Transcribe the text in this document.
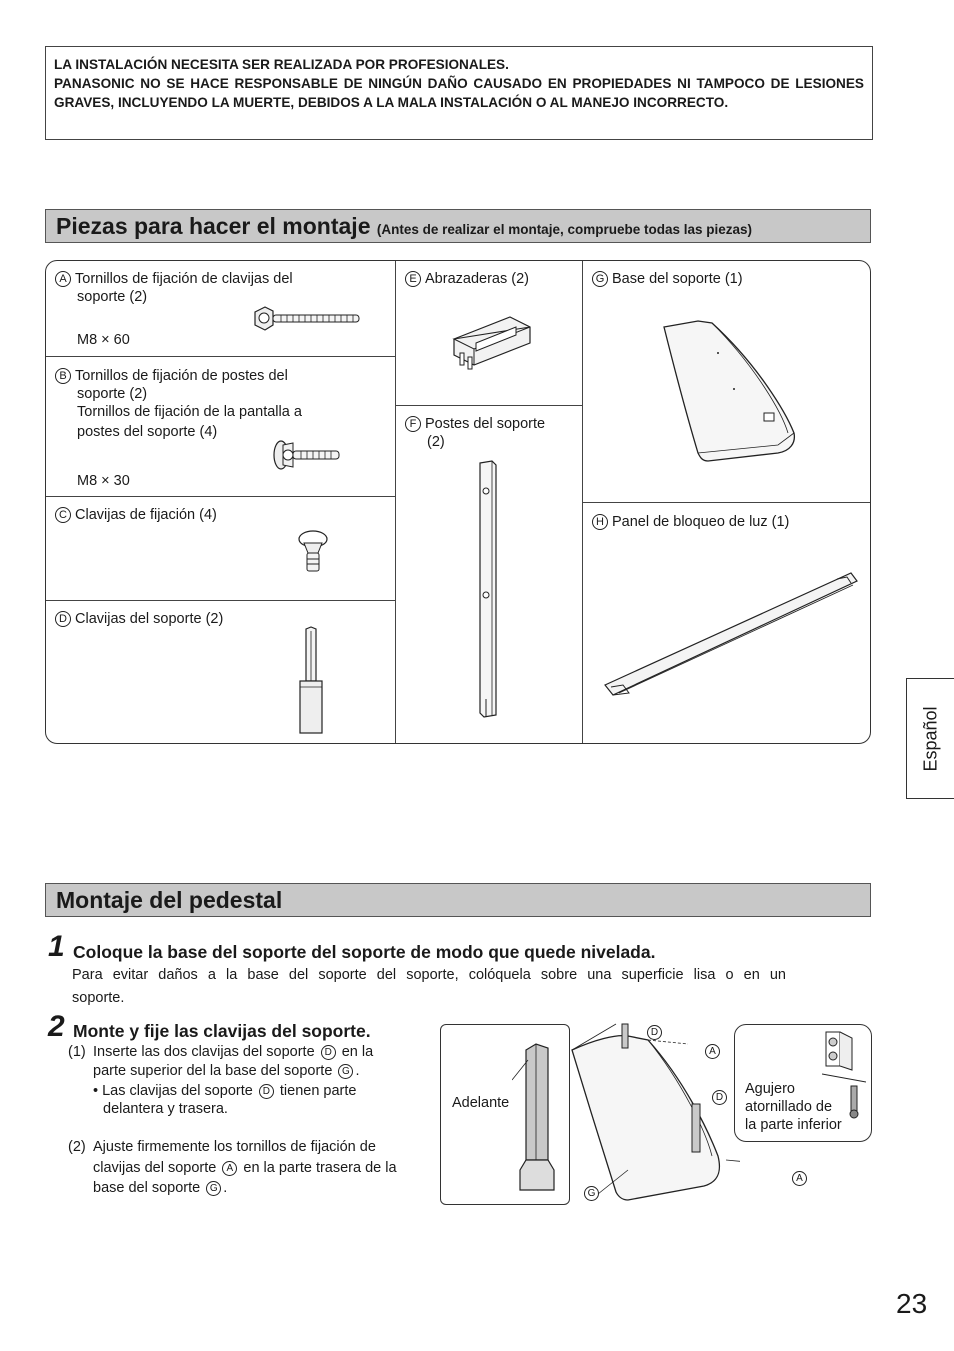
LA INSTALACIÓN NECESITA SER REALIZADA POR PROFESIONALES.
PANASONIC NO SE HACE RESPONSABLE DE NINGÚN DAÑO CAUSADO EN PROPIEDADES NI TAMPOCO DE LESIONES GRAVES, INCLUYENDO LA MUERTE, DEBIDOS A LA MALA INSTALACIÓN O AL MANEJO INCORRECTO.
Piezas para hacer el montaje (Antes de realizar el montaje, compruebe todas las piezas)
A Tornillos de fijación de clavijas del
soporte (2)
M8 × 60
B Tornillos de fijación de postes del
soporte (2)
Tornillos de fijación de la pantalla a
postes del soporte (4)
M8 × 30
C Clavijas de fijación (4)
D Clavijas del soporte (2)
E Abrazaderas (2)
F Postes del soporte
(2)
G Base del soporte (1)
H Panel de bloqueo de luz (1)
Español
Montaje del pedestal
1 Coloque la base del soporte del soporte de modo que quede nivelada.
Para evitar daños a la base del soporte del soporte, colóquela sobre una superficie lisa o en un
soporte.
2 Monte y fije las clavijas del soporte.
(1) Inserte las dos clavijas del soporte D en la
parte superior del la base del soporte G .
• Las clavijas del soporte D tienen parte
delantera y trasera.
(2) Ajuste firmemente los tornillos de fijación de
clavijas del soporte A en la parte trasera de la
base del soporte G .
Adelante
D
A
D
A
G
Agujero
atornillado de
la parte inferior
23
